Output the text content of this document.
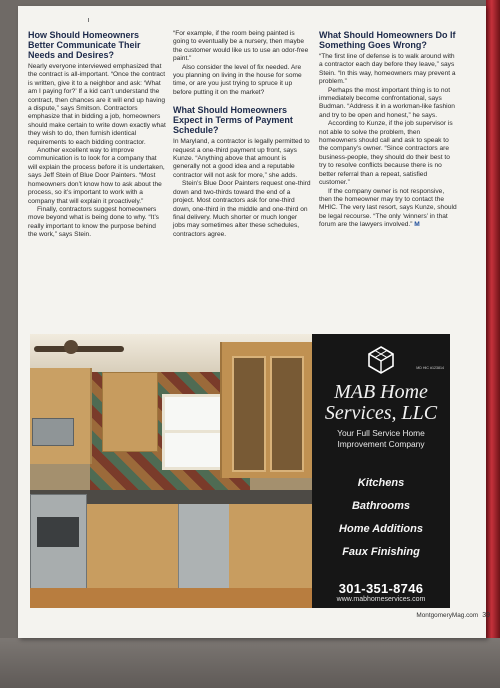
How Should Homeowners Better Communicate Their Needs and Desires?

Nearly everyone interviewed emphasized that the contract is all-important. “Once the contract is written, give it to a neighbor and ask: ‘What am I paying for?’ If a kid can’t understand the contract, then chances are it will end up having a dispute,” says Smitson. Contractors emphasize that in bidding a job, homeowners should make certain to write down exactly what they wish to do, then furnish identical requirements to each bidding contractor.

Another excellent way to improve communication is to look for a company that will explain the process before it is undertaken, says Jeff Stein of Blue Door Painters. “Most homeowners don’t know how to ask about the process, so it’s important to work with a company that will explain it proactively.”

Finally, contractors suggest homeowners move beyond what is being done to why. “It’s really important to know the purpose behind the work,” says Stein.

“For example, if the room being painted is going to eventually be a nursery, then maybe the customer would like us to use an odor-free paint.”

Also consider the level of fix needed. Are you planning on living in the house for some time, or are you just trying to spruce it up before putting it on the market?

What Should Homeowners Expect in Terms of Payment Schedule?

In Maryland, a contractor is legally permitted to request a one-third payment up front, says Kunze. “Anything above that amount is generally not a good idea and a reputable contractor will not ask for more,” she adds.

Stein’s Blue Door Painters request one-third down and two-thirds toward the end of a project. Most contractors ask for one-third down, one-third in the middle and one-third on final delivery. Much shorter or much longer jobs may sometimes alter these schedules, contractors agree.

What Should Homeowners Do If Something Goes Wrong?

“The first line of defense is to walk around with a contractor each day before they leave,” says Stein. “In this way, homeowners may prevent a problem.”

Perhaps the most important thing is to not immediately become confrontational, says Budman. “Address it in a workman-like fashion and try to be open and honest,” he says.

According to Kunze, if the job supervisor is not able to solve the problem, then homeowners should call and ask to speak to the company’s owner. “Since contractors are business-people, they should do their best to try to resolve conflicts because there is no better referral than a repeat, satisfied customer.”

If the company owner is not responsive, then the homeowner may try to contact the MHIC. The very last resort, says Kunze, should be legal recourse. “The only ‘winners’ in that forum are the lawyers involved.” M

MD HIC #123814
MAB Home
Services, LLC
Your Full Service Home Improvement Company
Kitchens
Bathrooms
Home Additions
Faux Finishing
301-351-8746
www.mabhomeservices.com
MontgomeryMag.com 39
